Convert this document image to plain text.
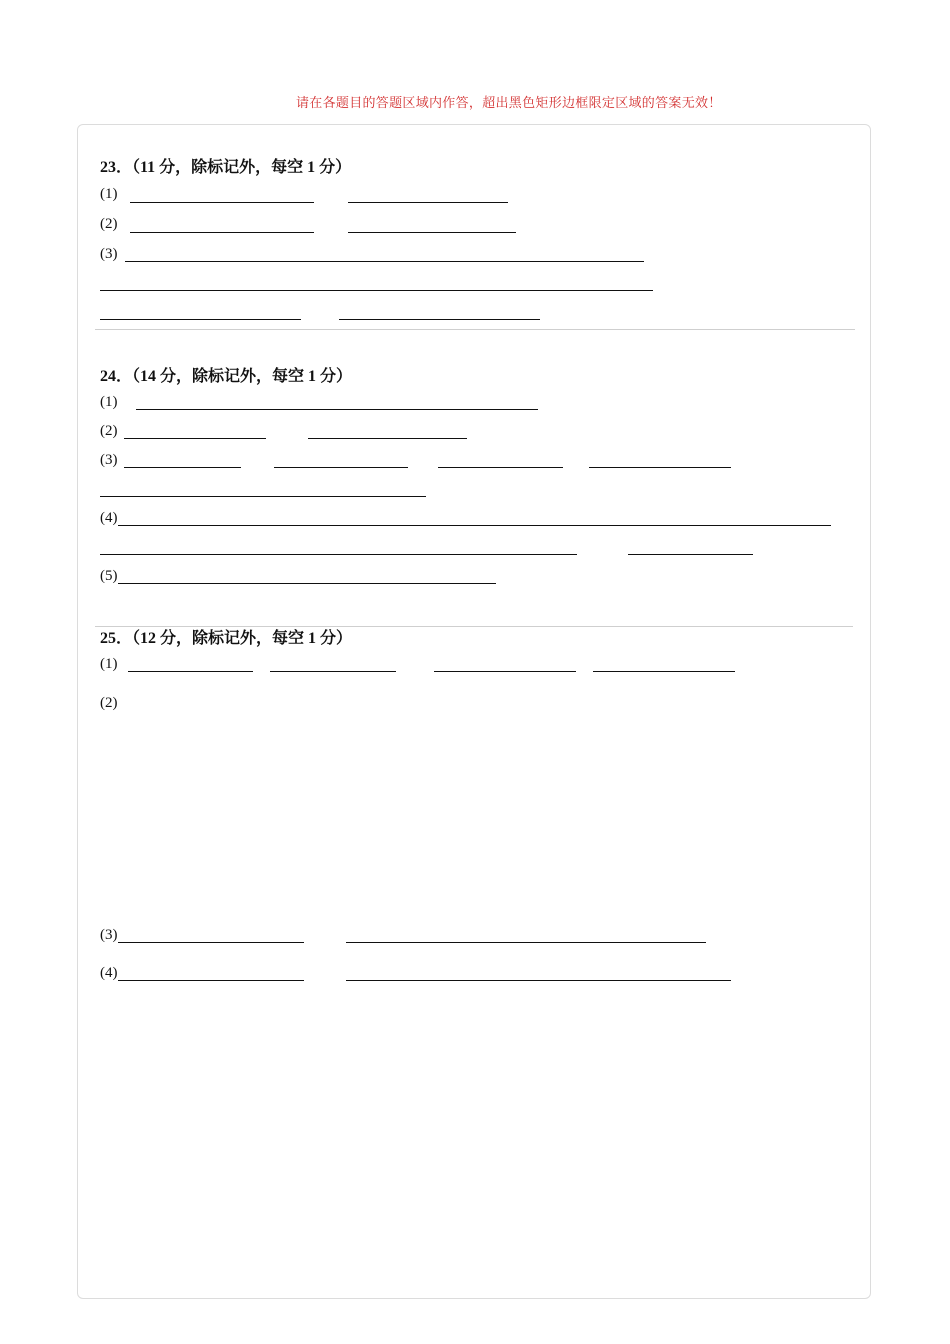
请在各题目的答题区域内作答，超出黑色矩形边框限定区域的答案无效！
23．（11 分，除标记外，每空 1 分）
(1)
(2)
(3)
24．（14 分，除标记外，每空 1 分）
(1)
(2)
(3)
(4)
(5)
25．（12 分，除标记外，每空 1 分）
(1)
(2)
(3)
(4)
